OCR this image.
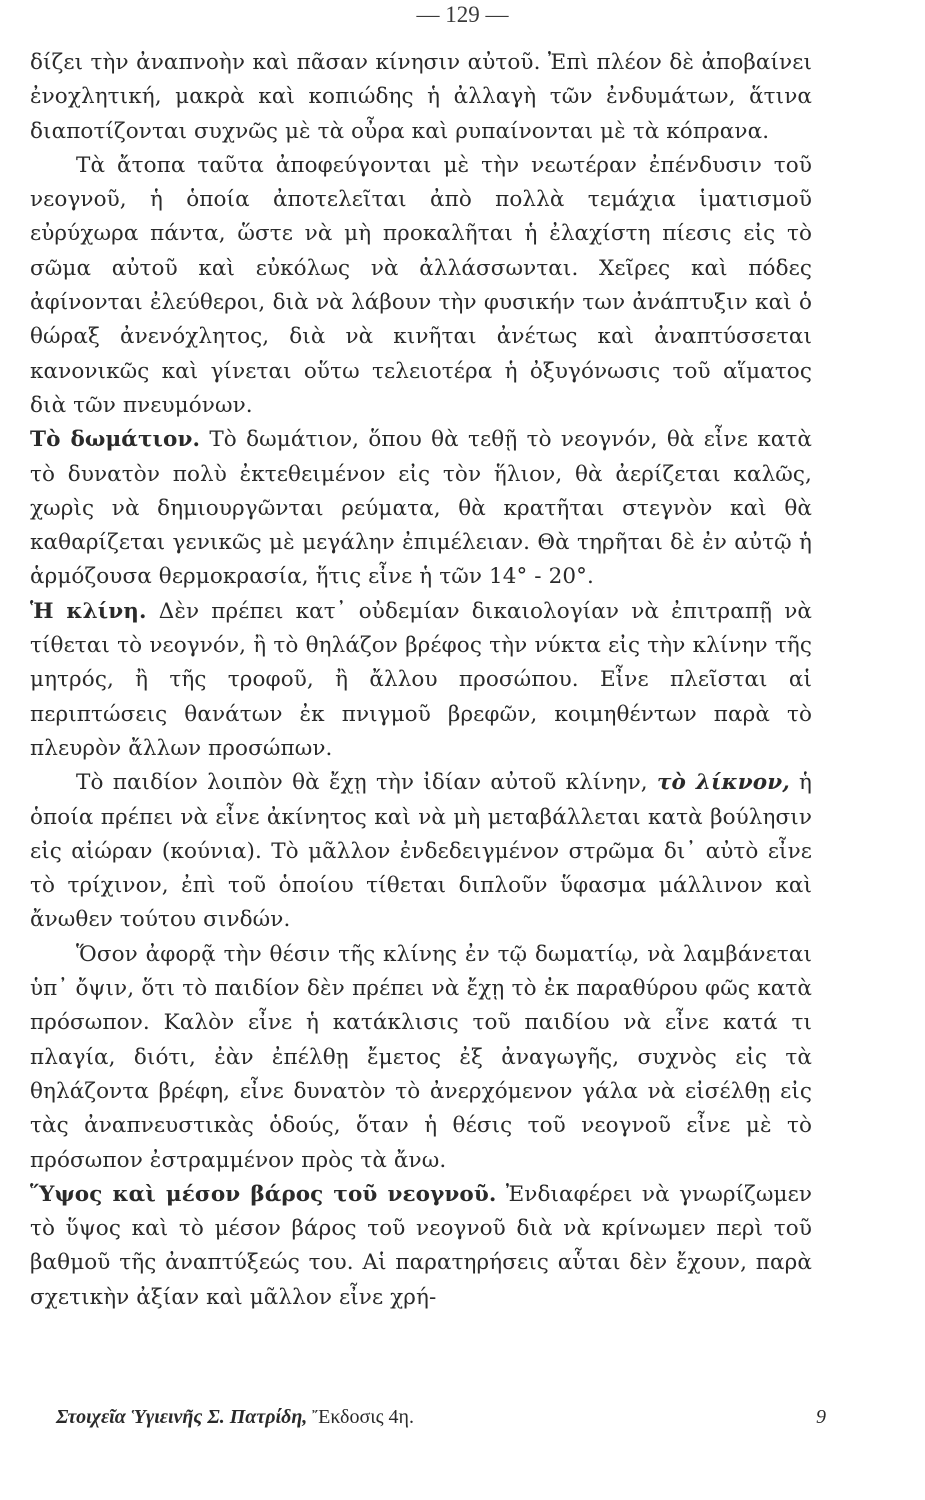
— 129 —

δίζει τὴν ἀναπνοὴν καὶ πᾶσαν κίνησιν αὐτοῦ. Ἐπὶ πλέον δὲ ἀποβαίνει ἐνοχλητική, μακρὰ καὶ κοπιώδης ἡ ἀλλαγὴ τῶν ἐνδυμάτων, ἅτινα διαποτίζονται συχνῶς μὲ τὰ οὖρα καὶ ρυπαίνονται μὲ τὰ κόπρανα.

Τὰ ἄτοπα ταῦτα ἀποφεύγονται μὲ τὴν νεωτέραν ἐπένδυσιν τοῦ νεογνοῦ, ἡ ὁποία ἀποτελεῖται ἀπὸ πολλὰ τεμάχια ἱματισμοῦ εὐρύχωρα πάντα, ὥστε νὰ μὴ προκαλῆται ἡ ἐλαχίστη πίεσις εἰς τὸ σῶμα αὐτοῦ καὶ εὐκόλως νὰ ἀλλάσσωνται. Χεῖρες καὶ πόδες ἀφίνονται ἐλεύθεροι, διὰ νὰ λάβουν τὴν φυσικήν των ἀνάπτυξιν καὶ ὁ θώραξ ἀνενόχλητος, διὰ νὰ κινῆται ἀνέτως καὶ ἀναπτύσσεται κανονικῶς καὶ γίνεται οὕτω τελειοτέρα ἡ ὀξυγόνωσις τοῦ αἵματος διὰ τῶν πνευμόνων.

Τὸ δωμάτιον. Τὸ δωμάτιον, ὅπου θὰ τεθῇ τὸ νεογνόν, θὰ εἶνε κατὰ τὸ δυνατὸν πολὺ ἐκτεθειμένον εἰς τὸν ἥλιον, θὰ ἀερίζεται καλῶς, χωρὶς νὰ δημιουργῶνται ρεύματα, θὰ κρατῆται στεγνὸν καὶ θὰ καθαρίζεται γενικῶς μὲ μεγάλην ἐπιμέλειαν. Θὰ τηρῆται δὲ ἐν αὐτῷ ἡ ἁρμόζουσα θερμοκρασία, ἥτις εἶνε ἡ τῶν 14° - 20°.

Ἡ κλίνη. Δὲν πρέπει κατ᾽ οὐδεμίαν δικαιολογίαν νὰ ἐπιτραπῇ νὰ τίθεται τὸ νεογνόν, ἢ τὸ θηλάζον βρέφος τὴν νύκτα εἰς τὴν κλίνην τῆς μητρός, ἢ τῆς τροφοῦ, ἢ ἄλλου προσώπου. Εἶνε πλεῖσται αἱ περιπτώσεις θανάτων ἐκ πνιγμοῦ βρεφῶν, κοιμηθέντων παρὰ τὸ πλευρὸν ἄλλων προσώπων.

Τὸ παιδίον λοιπὸν θὰ ἔχῃ τὴν ἰδίαν αὐτοῦ κλίνην, τὸ λίκνον, ἡ ὁποία πρέπει νὰ εἶνε ἀκίνητος καὶ νὰ μὴ μεταβάλλεται κατὰ βούλησιν εἰς αἰώραν (κούνια). Τὸ μᾶλλον ἐνδεδειγμένον στρῶμα δι᾽ αὐτὸ εἶνε τὸ τρίχινον, ἐπὶ τοῦ ὁποίου τίθεται διπλοῦν ὕφασμα μάλλινον καὶ ἄνωθεν τούτου σινδών.

Ὅσον ἀφορᾷ τὴν θέσιν τῆς κλίνης ἐν τῷ δωματίῳ, νὰ λαμβάνεται ὑπ᾽ ὄψιν, ὅτι τὸ παιδίον δὲν πρέπει νὰ ἔχῃ τὸ ἐκ παραθύρου φῶς κατὰ πρόσωπον. Καλὸν εἶνε ἡ κατάκλισις τοῦ παιδίου νὰ εἶνε κατά τι πλαγία, διότι, ἐὰν ἐπέλθῃ ἔμετος ἐξ ἀναγωγῆς, συχνὸς εἰς τὰ θηλάζοντα βρέφη, εἶνε δυνατὸν τὸ ἀνερχόμενον γάλα νὰ εἰσέλθῃ εἰς τὰς ἀναπνευστικὰς ὁδούς, ὅταν ἡ θέσις τοῦ νεογνοῦ εἶνε μὲ τὸ πρόσωπον ἐστραμμένον πρὸς τὰ ἄνω.

Ὕψος καὶ μέσον βάρος τοῦ νεογνοῦ. Ἐνδιαφέρει νὰ γνωρίζωμεν τὸ ὕψος καὶ τὸ μέσον βάρος τοῦ νεογνοῦ διὰ νὰ κρίνωμεν περὶ τοῦ βαθμοῦ τῆς ἀναπτύξεώς του. Αἱ παρατηρήσεις αὗται δὲν ἔχουν, παρὰ σχετικὴν ἀξίαν καὶ μᾶλλον εἶνε χρή-

Στοιχεῖα Ὑγιεινῆς Σ. Πατρίδη, Ἔκδοσις 4η.	9
